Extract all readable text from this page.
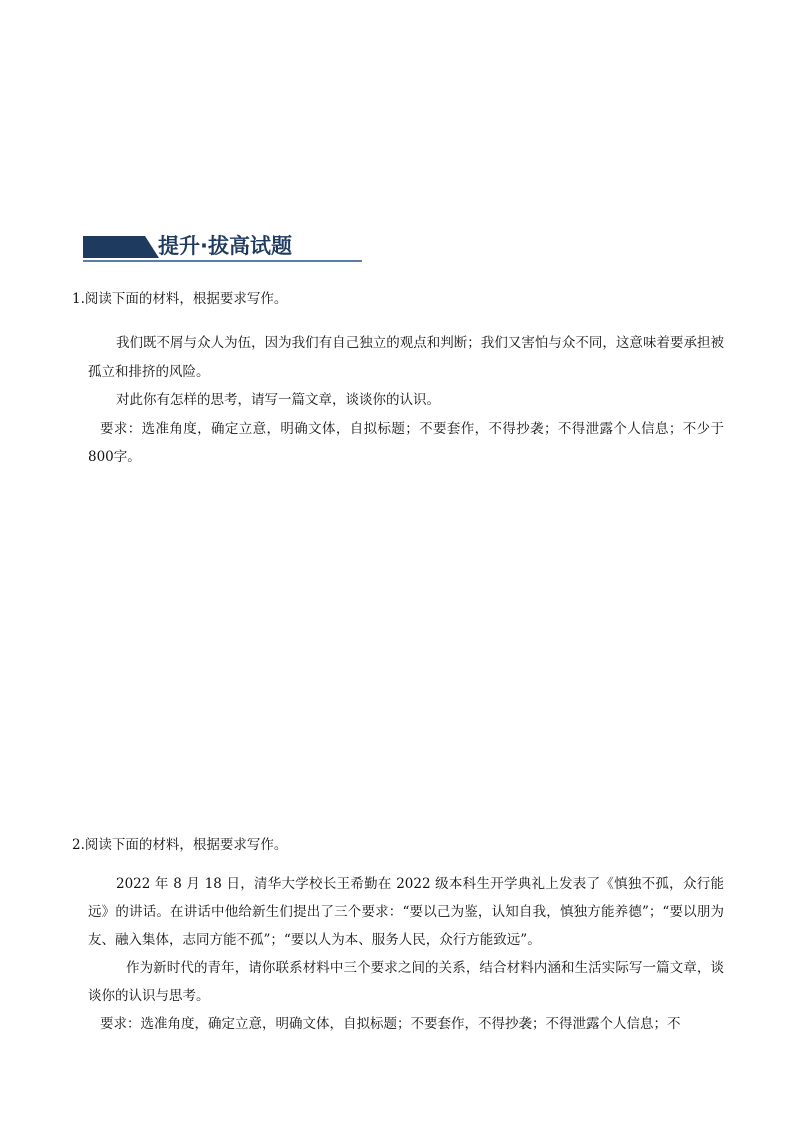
提升·拔高试题

1.阅读下面的材料，根据要求写作。

我们既不屑与众人为伍，因为我们有自己独立的观点和判断；我们又害怕与众不同，这意味着要承担被孤立和排挤的风险。

对此你有怎样的思考，请写一篇文章，谈谈你的认识。

要求：选准角度，确定立意，明确文体，自拟标题；不要套作，不得抄袭；不得泄露个人信息；不少于 800字。

2.阅读下面的材料，根据要求写作。

2022 年 8 月 18 日，清华大学校长王希勤在 2022 级本科生开学典礼上发表了《慎独不孤，众行能远》的讲话。在讲话中他给新生们提出了三个要求：“要以己为鉴，认知自我，慎独方能养德”；“要以朋为友、融入集体，志同方能不孤”；“要以人为本、服务人民，众行方能致远”。

作为新时代的青年，请你联系材料中三个要求之间的关系，结合材料内涵和生活实际写一篇文章，谈谈你的认识与思考。

要求：选准角度，确定立意，明确文体，自拟标题；不要套作，不得抄袭；不得泄露个人信息；不
